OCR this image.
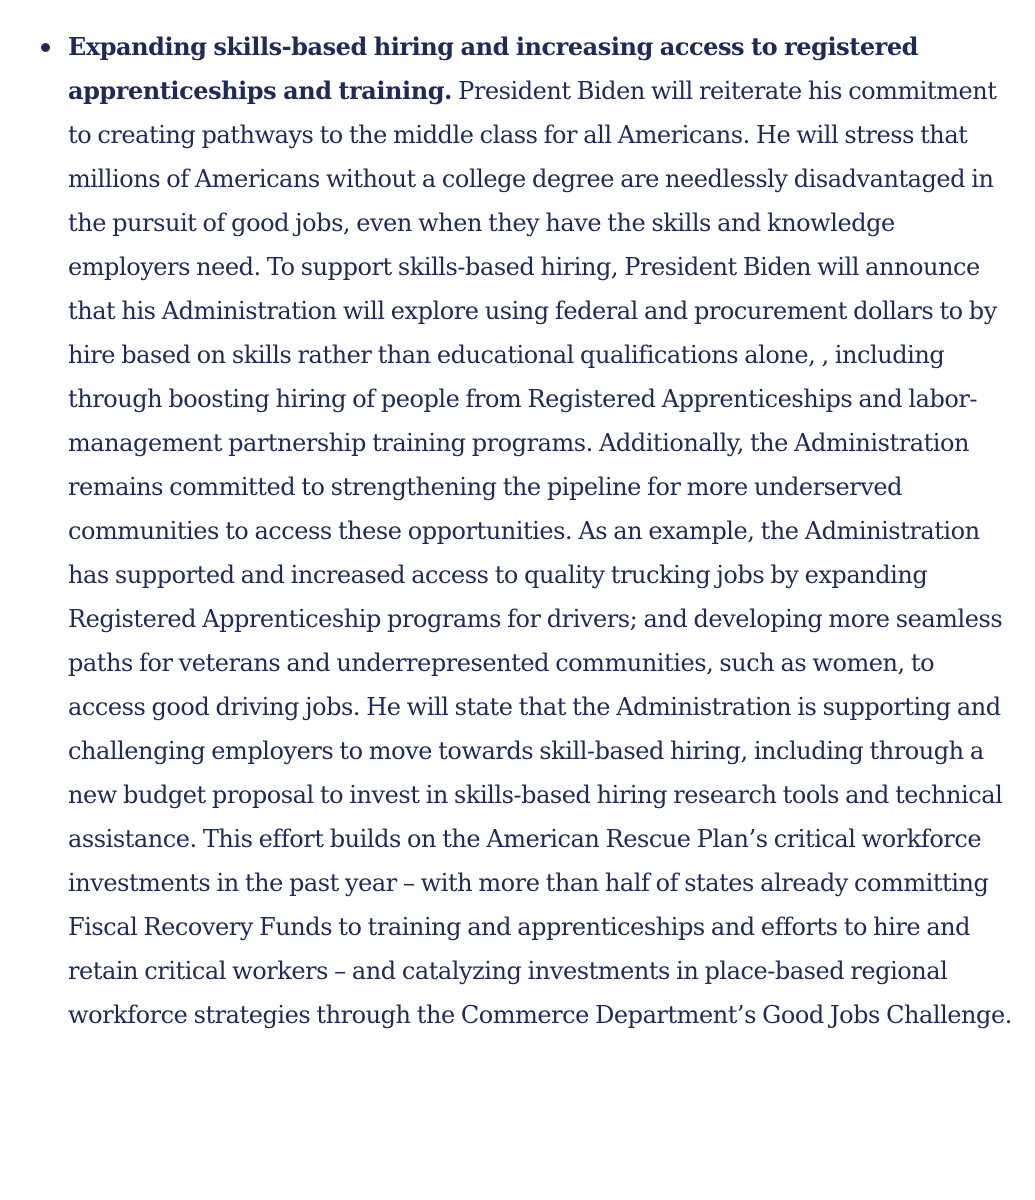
Expanding skills-based hiring and increasing access to registered apprenticeships and training. President Biden will reiterate his commitment to creating pathways to the middle class for all Americans. He will stress that millions of Americans without a college degree are needlessly disadvantaged in the pursuit of good jobs, even when they have the skills and knowledge employers need. To support skills-based hiring, President Biden will announce that his Administration will explore using federal and procurement dollars to by hire based on skills rather than educational qualifications alone, , including through boosting hiring of people from Registered Apprenticeships and labor-management partnership training programs. Additionally, the Administration remains committed to strengthening the pipeline for more underserved communities to access these opportunities. As an example, the Administration has supported and increased access to quality trucking jobs by expanding Registered Apprenticeship programs for drivers; and developing more seamless paths for veterans and underrepresented communities, such as women, to access good driving jobs. He will state that the Administration is supporting and challenging employers to move towards skill-based hiring, including through a new budget proposal to invest in skills-based hiring research tools and technical assistance. This effort builds on the American Rescue Plan’s critical workforce investments in the past year – with more than half of states already committing Fiscal Recovery Funds to training and apprenticeships and efforts to hire and retain critical workers – and catalyzing investments in place-based regional workforce strategies through the Commerce Department’s Good Jobs Challenge.
